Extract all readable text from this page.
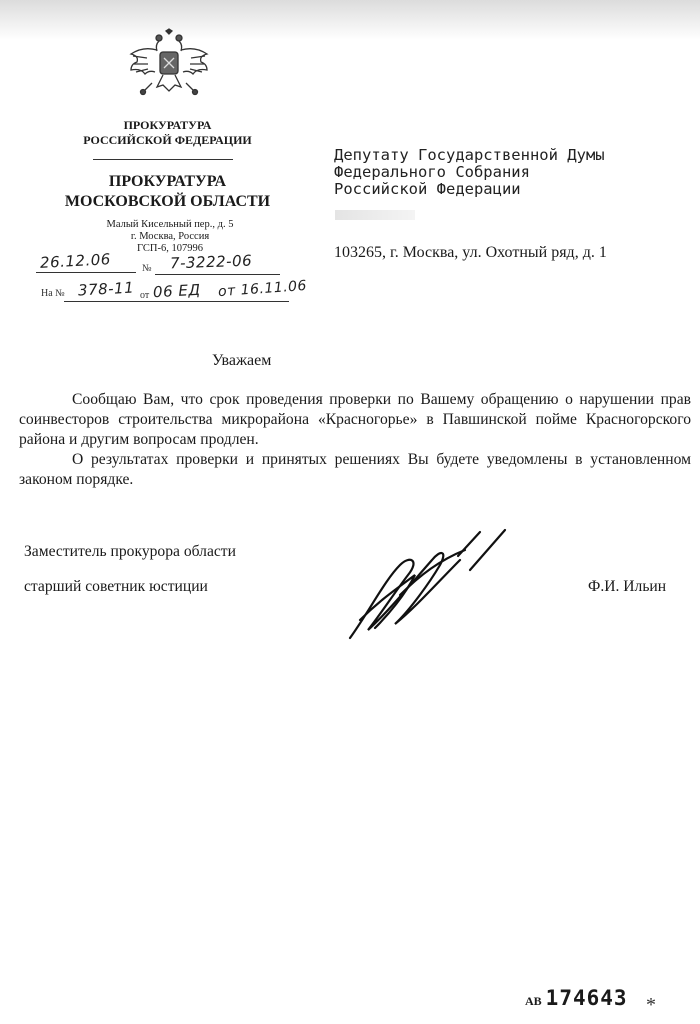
ПРОКУРАТУРА
РОССИЙСКОЙ ФЕДЕРАЦИИ
ПРОКУРАТУРА
МОСКОВСКОЙ ОБЛАСТИ
Малый Кисельный пер., д. 5
г. Москва, Россия
ГСП-6, 107996
26.12.06	№ 7-3222-06
На № 378-11 от 06 ЕД от 16.11.06
Депутату Государственной Думы
Федерального Собрания
Российской Федерации
103265, г. Москва, ул. Охотный ряд, д. 1
Уважаем

Сообщаю Вам, что срок проведения проверки по Вашему обращению о нарушении прав соинвесторов строительства микрорайона «Красногорье» в Павшинской пойме Красногорского района и другим вопросам продлен.

О результатах проверки и принятых решениях Вы будете уведомлены в установленном законом порядке.

Заместитель прокурора области
старший советник юстиции	Ф.И. Ильин
АВ 174643 *
